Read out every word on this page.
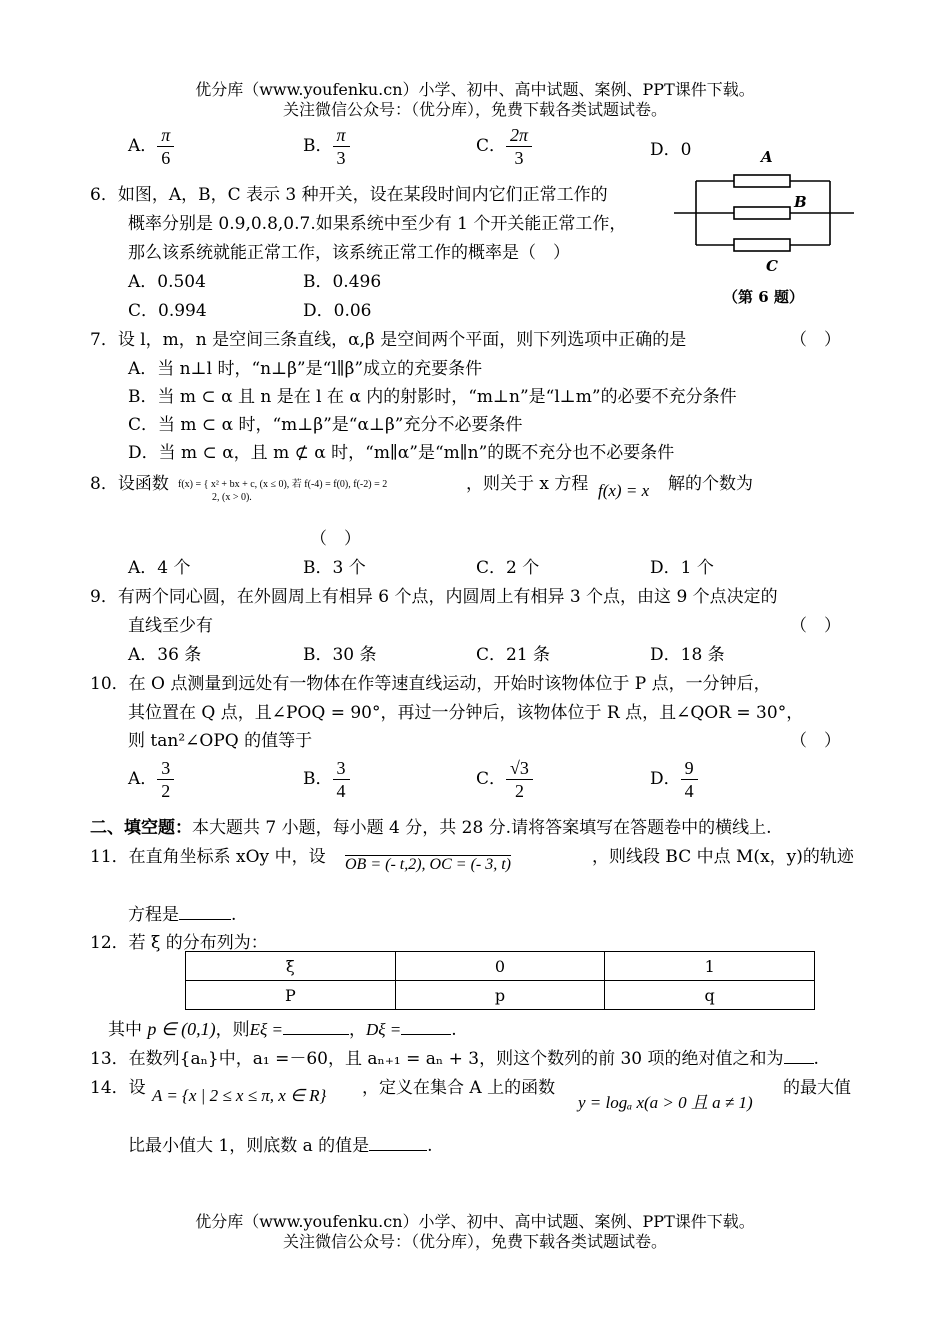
优分库（www.youfenku.cn）小学、初中、高中试题、案例、PPT课件下载。
关注微信公众号：（优分库），免费下载各类试题试卷。
A． $\frac{\pi}{6}$	B． $\frac{\pi}{3}$	C． $\frac{2\pi}{3}$	D．0
6．如图，A，B，C 表示 3 种开关，设在某段时间内它们正常工作的
概率分别是 0.9,0.8,0.7.如果系统中至少有 1 个开关能正常工作，
那么该系统就能正常工作，该系统正常工作的概率是（　）
A．0.504	B．0.496
C．0.994	D．0.06
A
B
C
（第 6 题）
7．设 l，m，n 是空间三条直线，α,β 是空间两个平面，则下列选项中正确的是	（　）
A．当 n⊥l 时，“n⊥β”是“l∥β”成立的充要条件
B．当 m ⊂ α 且 n 是在 l 在 α 内的射影时，“m⊥n”是“l⊥m”的必要不充分条件
C．当 m ⊂ α 时，“m⊥β”是“α⊥β”充分不必要条件
D．当 m ⊂ α，且 m ⊄ α 时，“m∥α”是“m∥n”的既不充分也不必要条件
8．设函数 f(x) = { x² + bx + c, (x ≤ 0), 若 f(-4) = f(0), f(-2) = 2
2, (x > 0).
，则关于 x 方程 f(x) = x 解的个数为
（　）
A．4 个	B．3 个	C．2 个	D．1 个
9．有两个同心圆，在外圆周上有相异 6 个点，内圆周上有相异 3 个点，由这 9 个点决定的
直线至少有	（　）
A．36 条	B．30 条	C．21 条	D．18 条
10．在 O 点测量到远处有一物体在作等速直线运动，开始时该物体位于 P 点，一分钟后，
其位置在 Q 点，且∠POQ = 90°，再过一分钟后，该物体位于 R 点，且∠QOR = 30°，
则 tan²∠OPQ 的值等于	（　）
A． $\frac{3}{2}$	B． $\frac{3}{4}$	C． $\frac{√3}{2}$	D． $\frac{9}{4}$
二、填空题：本大题共 7 小题，每小题 4 分，共 28 分.请将答案填写在答题卷中的横线上.
11．在直角坐标系 xOy 中，设 OB = (- t,2), OC = (- 3, t)	，则线段 BC 中点 M(x，y)的轨迹
方程是	.
12．若 ξ 的分布列为：
ξ	0	1
P	p	q
其中 p ∈ (0,1)，则Eξ =	，Dξ =	.
13．在数列{aₙ}中，a₁ =－60，且 aₙ₊₁ = aₙ + 3，则这个数列的前 30 项的绝对值之和为 .
14．设 A = {x | 2 ≤ x ≤ π, x ∈ R} ，定义在集合 A 上的函数
y = logₐ x(a > 0 且 a ≠ 1)
的最大值
比最小值大 1，则底数 a 的值是	.
优分库（www.youfenku.cn）小学、初中、高中试题、案例、PPT课件下载。
关注微信公众号：（优分库），免费下载各类试题试卷。
